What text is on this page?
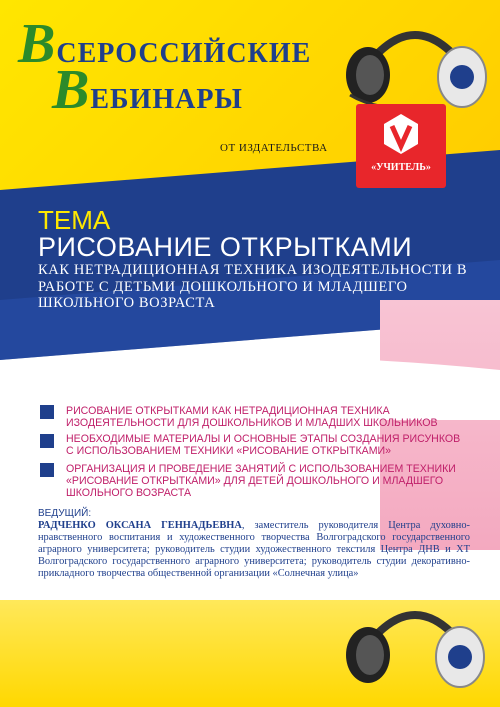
ВСЕРОССИЙСКИЕ
ВЕБИНАРЫ
ОТ ИЗДАТЕЛЬСТВА
«УЧИТЕЛЬ»
ТЕМА
РИСОВАНИЕ ОТКРЫТКАМИ
КАК НЕТРАДИЦИОННАЯ ТЕХНИКА ИЗОДЕЯТЕЛЬНОСТИ В РАБОТЕ С ДЕТЬМИ ДОШКОЛЬНОГО И МЛАДШЕГО ШКОЛЬНОГО ВОЗРАСТА
РИСОВАНИЕ ОТКРЫТКАМИ КАК НЕТРАДИЦИОННАЯ ТЕХНИКА ИЗОДЕЯТЕЛЬНОСТИ ДЛЯ ДОШКОЛЬНИКОВ И МЛАДШИХ ШКОЛЬНИКОВ
НЕОБХОДИМЫЕ МАТЕРИАЛЫ И ОСНОВНЫЕ ЭТАПЫ СОЗДАНИЯ РИСУНКОВ С ИСПОЛЬЗОВАНИЕМ ТЕХНИКИ «РИСОВАНИЕ ОТКРЫТКАМИ»
ОРГАНИЗАЦИЯ И ПРОВЕДЕНИЕ ЗАНЯТИЙ С ИСПОЛЬЗОВАНИЕМ ТЕХНИКИ «РИСОВАНИЕ ОТКРЫТКАМИ» ДЛЯ ДЕТЕЙ ДОШКОЛЬНОГО И МЛАДШЕГО ШКОЛЬНОГО ВОЗРАСТА
ВЕДУЩИЙ:
РАДЧЕНКО ОКСАНА ГЕННАДЬЕВНА, заместитель руководителя Центра духовно-нравственного воспитания и художественного творчества Волгоградского государственного аграрного университета; руководитель студии художественного текстиля Центра ДНВ и ХТ Волгоградского государственного аграрного университета; руководитель студии декоративно-прикладного творчества общественной организации «Солнечная улица»
